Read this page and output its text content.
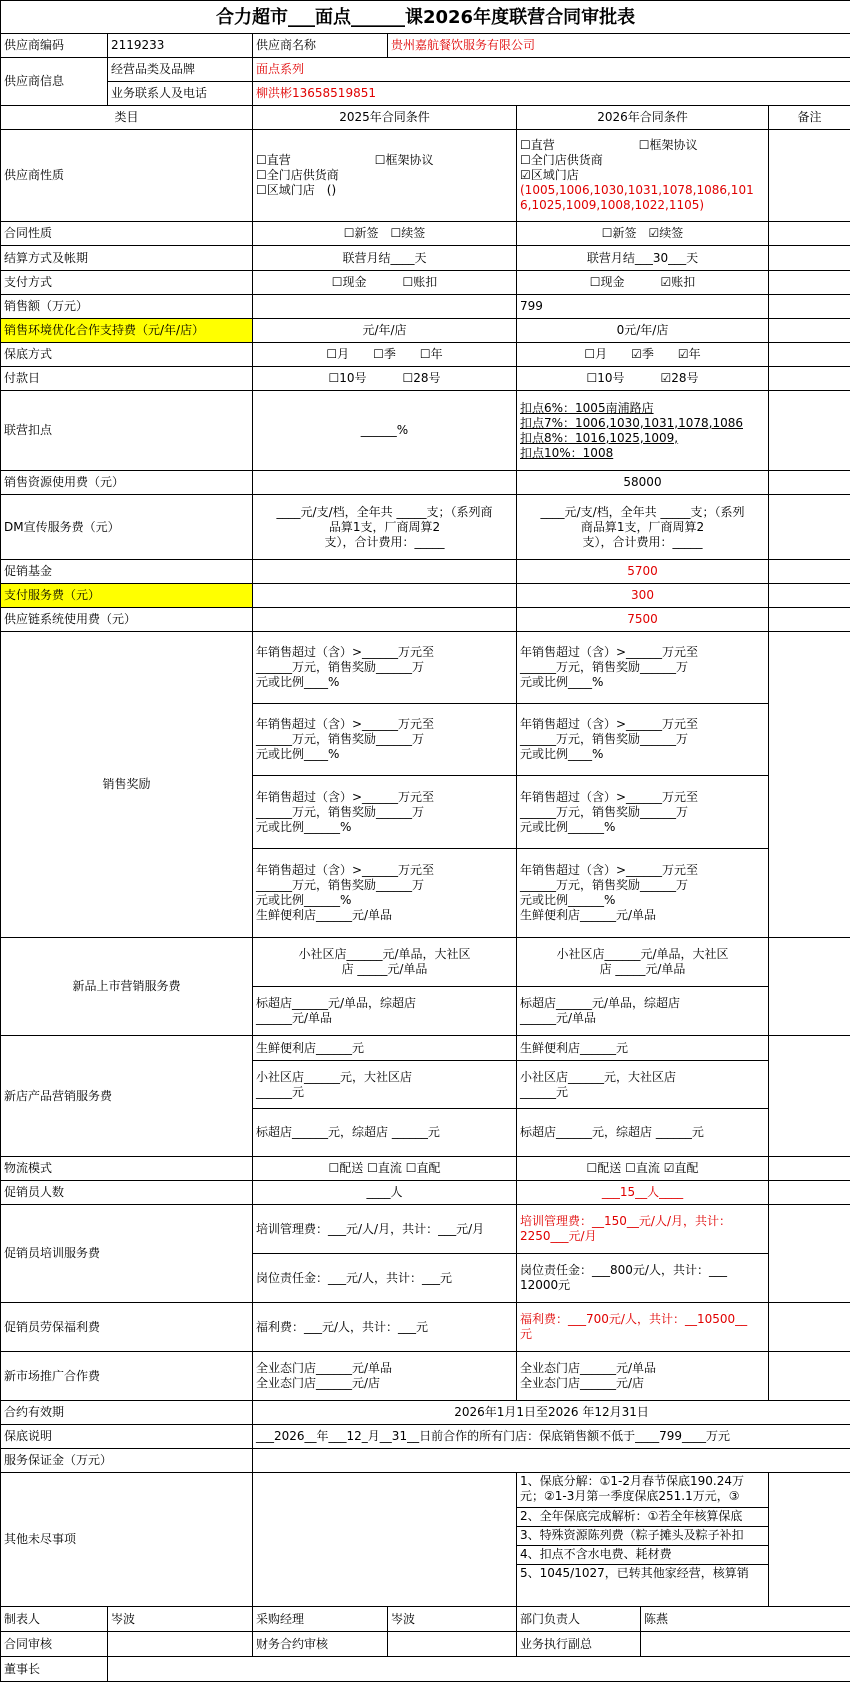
合力超市___面点______课2026年度联营合同审批表						
供应商编码	2119233	供应商名称	贵州嘉航餐饮服务有限公司			
供应商信息	经营品类及品牌	面点系列				
	业务联系人及电话	柳洪彬13658519851				
类目		2025年合同条件		2026年合同条件		备注
供应商性质		☐直营　　　　　　　☐框架协议
☐全门店供货商
☐区域门店　()		☐直营　　　　　　　☐框架协议
☐全门店供货商
☑区域门店
(1005,1006,1030,1031,1078,1086,1016,1025,1009,1008,1022,1105)		

合同性质		☐新签　☐续签		☐新签　☑续签		
结算方式及帐期		联营月结____天		联营月结___30___天		
支付方式		☐现金　　　☐账扣		☐现金　　　☑账扣		
销售额（万元）				799		
销售环境优化合作支持费（元/年/店）		元/年/店		0元/年/店		
保底方式		☐月　　☐季　　☐年		☐月　　☑季　　☑年		
付款日		☐10号　　　☐28号		☐10号　　　☑28号		
联营扣点		______%		扣点6%：1005南浦路店
扣点7%：1006,1030,1031,1078,1086
扣点8%：1016,1025,1009,
扣点10%：1008		

销售资源使用费（元）				58000		
DM宣传服务费（元）		____元/支/档，全年共 _____支；（系列商
品算1支，厂商周算2
支），合计费用：_____		____元/支/档，全年共 _____支；（系列
商品算1支，厂商周算2
支），合计费用：_____		

促销基金				5700		
支付服务费（元）				300		
供应链系统使用费（元）				7500		
销售奖励		年销售超过（含）>______万元至
______万元，销售奖励______万
元或比例____%		年销售超过（含）>______万元至
______万元，销售奖励______万
元或比例____%		

		年销售超过（含）>______万元至
______万元，销售奖励______万
元或比例____%		年销售超过（含）>______万元至
______万元，销售奖励______万
元或比例____%		

		年销售超过（含）>______万元至
______万元，销售奖励______万
元或比例______%		年销售超过（含）>______万元至
______万元，销售奖励______万
元或比例______%		

		年销售超过（含）>______万元至
______万元，销售奖励______万
元或比例______%
生鲜便利店______元/单品		年销售超过（含）>______万元至
______万元，销售奖励______万
元或比例______%
生鲜便利店______元/单品		

新品上市营销服务费		小社区店______元/单品，大社区
店 _____元/单品		小社区店______元/单品，大社区
店 _____元/单品		

		标超店______元/单品，综超店
______元/单品		标超店______元/单品，综超店
______元/单品		

新店产品营销服务费		生鲜便利店______元		生鲜便利店______元		

		小社区店______元，大社区店
______元		小社区店______元，大社区店
______元		

		标超店______元，综超店 ______元		标超店______元，综超店 ______元		
物流模式		☐配送 ☐直流 ☐直配		☐配送 ☐直流 ☑直配		
促销员人数		____人		___15__人____		
促销员培训服务费		培训管理费：___元/人/月，共计：___元/月		培训管理费：__150__元/人/月，共计：
2250___元/月		

		岗位责任金：___元/人，共计：___元		岗位责任金：___800元/人，共计：___
12000元		

促销员劳保福利费		福利费：___元/人，共计：___元		福利费：___700元/人，共计：__10500__
元		

新市场推广合作费		全业态门店______元/单品
全业态门店______元/店		全业态门店______元/单品
全业态门店______元/店		

合约有效期		2026年1月1日至2026 年12月31日				
保底说明		___2026__年___12_月__31__日前合作的所有门店：保底销售额不低于____799____万元				
服务保证金（万元）						
其他未尽事项				1、保底分解：①1-2月春节保底190.24万元；②1-3月第一季度保底251.1万元，③
2、全年保底完成解析：①若全年核算保底
3、特殊资源陈列费（粽子摊头及粽子补扣
4、扣点不含水电费、耗材费
5、1045/1027，已转其他家经营，核算销		

制表人	岑波	采购经理	岑波	部门负责人	陈燕	
合同审核		财务合约审核		业务执行副总		
董事长						
